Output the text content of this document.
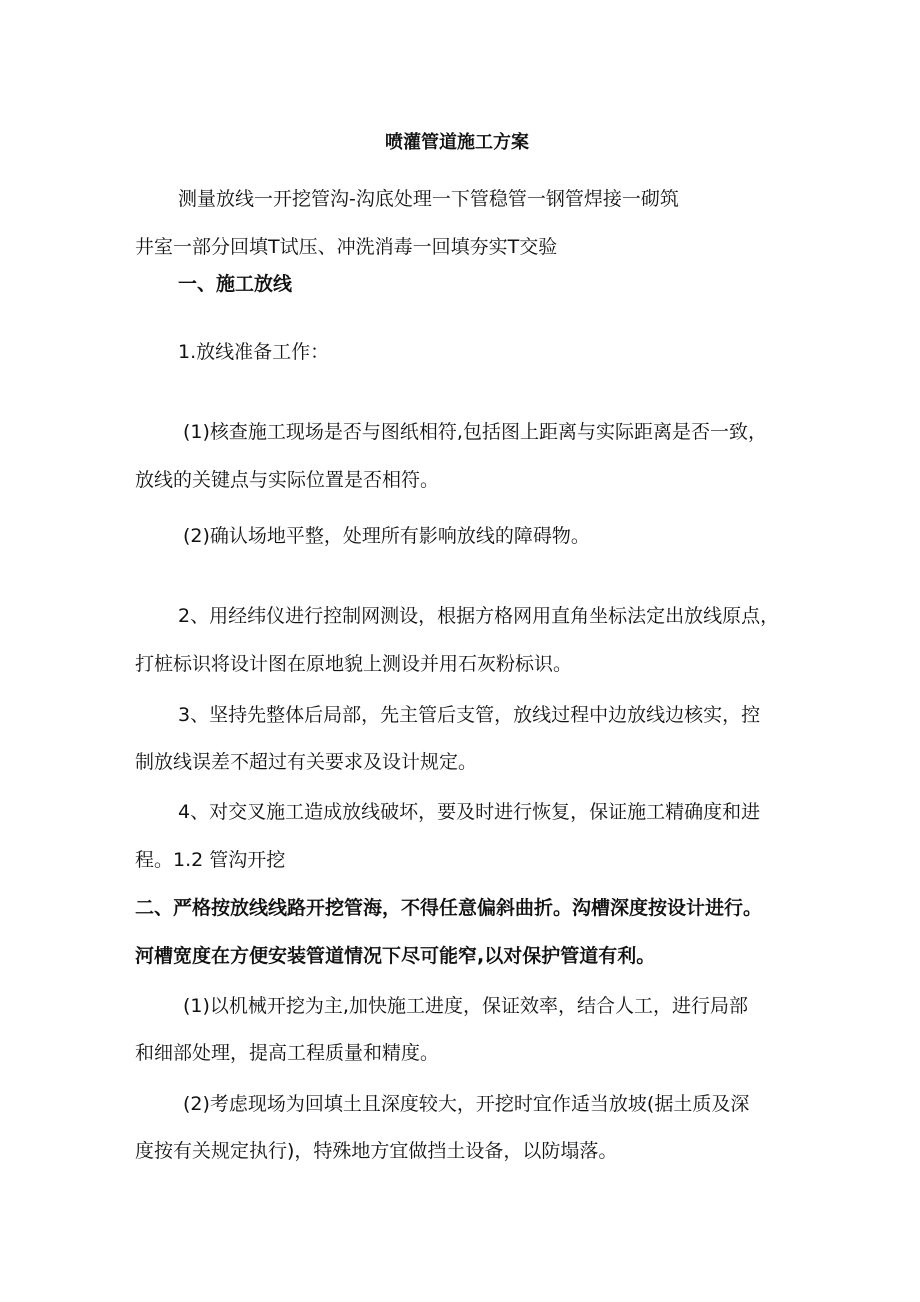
喷灌管道施工方案
测量放线一开挖管沟-沟底处理一下管稳管一钢管焊接一砌筑
井室一部分回填T试压、冲洗消毒一回填夯实T交验
一、施工放线
1.放线准备工作：
(1)核查施工现场是否与图纸相符,包括图上距离与实际距离是否一致，
放线的关键点与实际位置是否相符。
(2)确认场地平整，处理所有影响放线的障碍物。
2、用经纬仪进行控制网测设，根据方格网用直角坐标法定出放线原点，
打桩标识将设计图在原地貌上测设并用石灰粉标识。
3、坚持先整体后局部，先主管后支管，放线过程中边放线边核实，控
制放线误差不超过有关要求及设计规定。
4、对交叉施工造成放线破坏，要及时进行恢复，保证施工精确度和进
程。1.2 管沟开挖
二、严格按放线线路开挖管海，不得任意偏斜曲折。沟槽深度按设计进行。
河槽宽度在方便安装管道情况下尽可能窄,以对保护管道有利。
(1)以机械开挖为主,加快施工进度，保证效率，结合人工，进行局部
和细部处理，提高工程质量和精度。
(2)考虑现场为回填土且深度较大，开挖时宜作适当放坡(据土质及深
度按有关规定执行)，特殊地方宜做挡土设备，以防塌落。
